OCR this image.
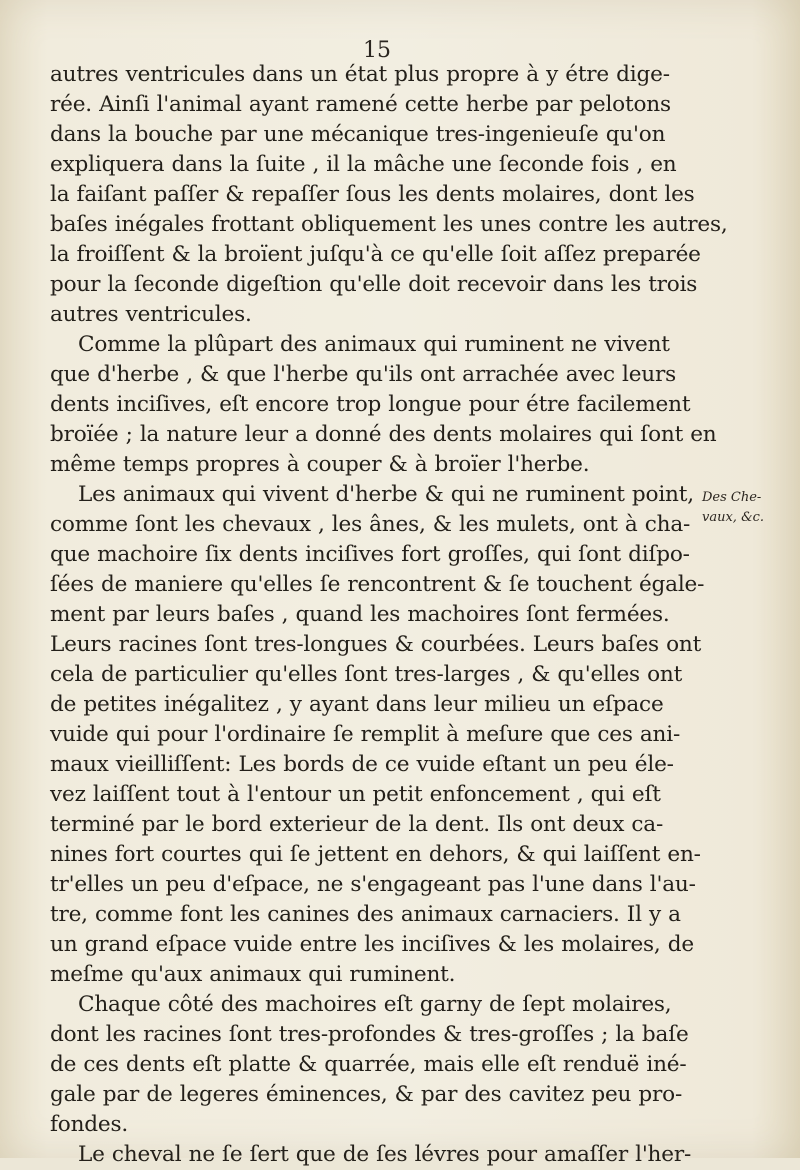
15
autres ventricules dans un état plus propre à y étre dige-
rée. Ainſi l'animal ayant ramené cette herbe par pelotons
dans la bouche par une mécanique tres-ingenieuſe qu'on
expliquera dans la ſuite , il la mâche une ſeconde fois , en
la faiſant paſſer & repaſſer ſous les dents molaires, dont les
baſes inégales frottant obliquement les unes contre les autres,
la froiſſent & la broïent juſqu'à ce qu'elle ſoit aſſez preparée
pour la ſeconde digeſtion qu'elle doit recevoir dans les trois
autres ventricules.
Comme la plûpart des animaux qui ruminent ne vivent
que d'herbe , & que l'herbe qu'ils ont arrachée avec leurs
dents inciſives, eſt encore trop longue pour étre facilement
broïée ; la nature leur a donné des dents molaires qui ſont en
même temps propres à couper & à broïer l'herbe.
Les animaux qui vivent d'herbe & qui ne ruminent point,
comme ſont les chevaux , les ânes, & les mulets, ont à cha-
que machoire ſix dents inciſives fort groſſes, qui ſont diſpo-
ſées de maniere qu'elles ſe rencontrent & ſe touchent égale-
ment par leurs baſes , quand les machoires ſont fermées.
Leurs racines ſont tres-longues & courbées. Leurs baſes ont
cela de particulier qu'elles ſont tres-larges , & qu'elles ont
de petites inégalitez , y ayant dans leur milieu un eſpace
vuide qui pour l'ordinaire ſe remplit à meſure que ces ani-
maux vieilliſſent: Les bords de ce vuide eſtant un peu éle-
vez laiſſent tout à l'entour un petit enfoncement , qui eſt
terminé par le bord exterieur de la dent. Ils ont deux ca-
nines fort courtes qui ſe jettent en dehors, & qui laiſſent en-
tr'elles un peu d'eſpace, ne s'engageant pas l'une dans l'au-
tre, comme font les canines des animaux carnaciers. Il y a
un grand eſpace vuide entre les inciſives & les molaires, de
meſme qu'aux animaux qui ruminent.
Chaque côté des machoires eſt garny de ſept molaires,
dont les racines ſont tres-profondes & tres-groſſes ; la baſe
de ces dents eſt platte & quarrée, mais elle eſt renduë iné-
gale par de legeres éminences, & par des cavitez peu pro-
fondes.
Le cheval ne ſe ſert que de ſes lévres pour amaſſer l'her-
Des Che-
vaux, &c.
